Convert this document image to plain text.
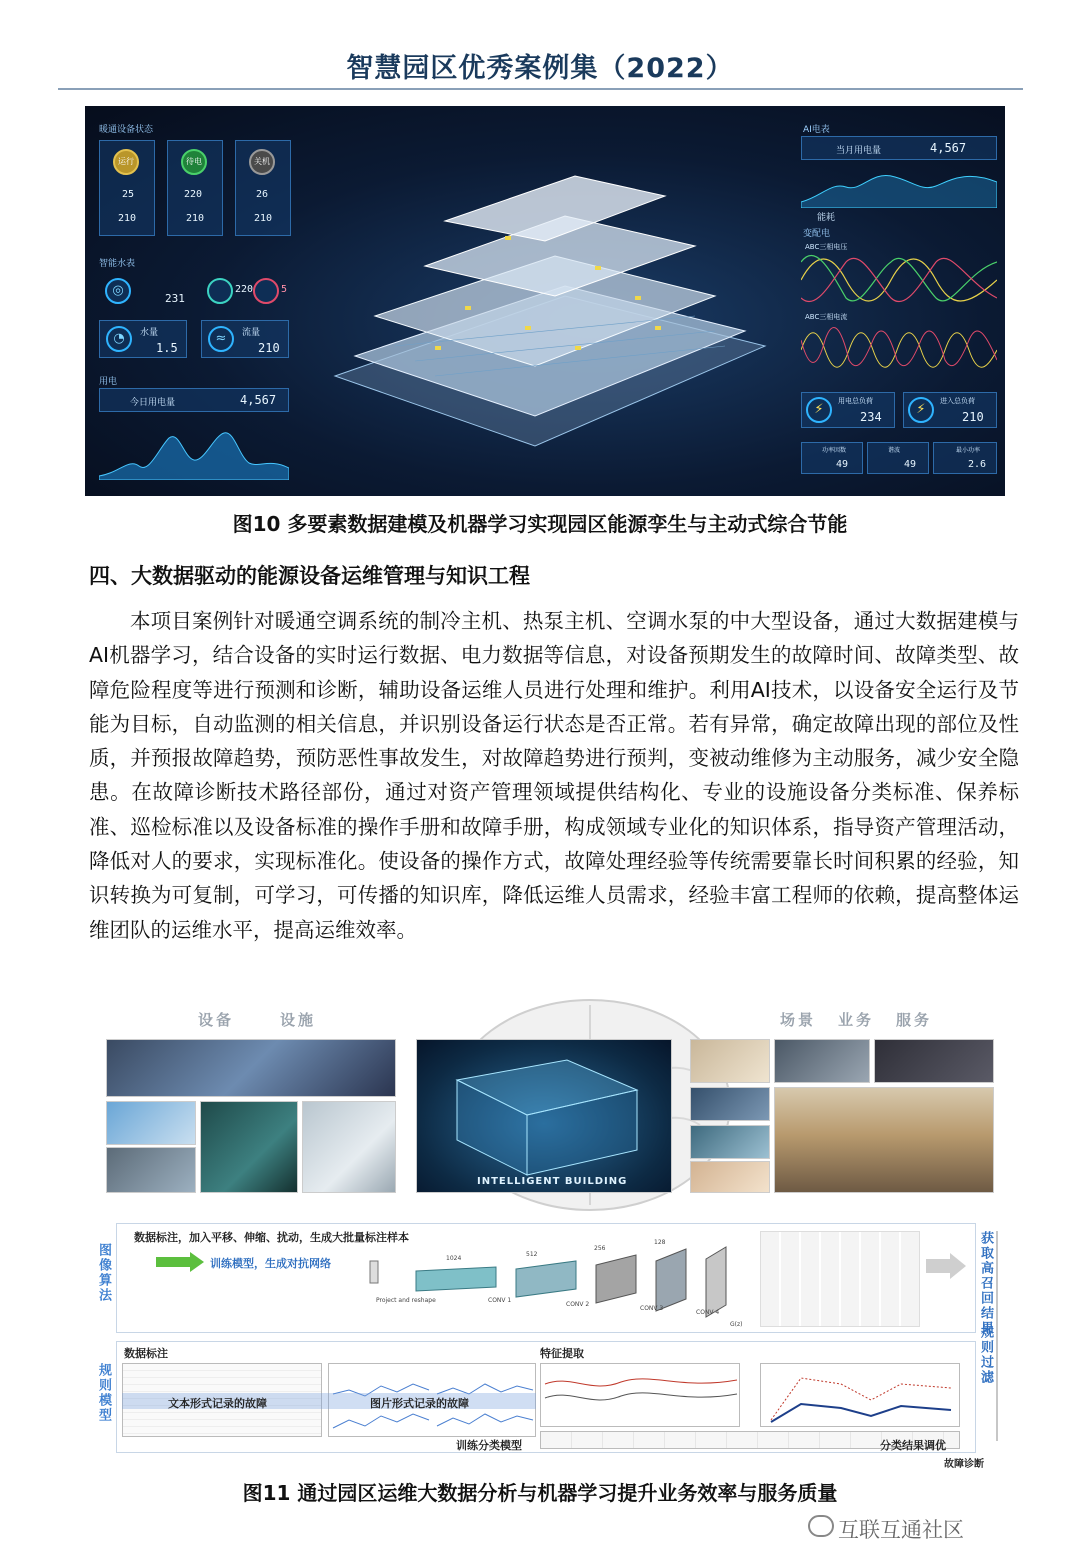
智慧园区优秀案例集（2022）
暖通设备状态
运行
25
210
待电
220
210
关机
26
210
智能水表
◎
231
220	5
◔	水量
1.5
≈	流量
210
用电
今日用电量	4,567
AI电表
当月用电量	4,567
能耗
变配电
ABC三相电压
ABC三相电流
⚡
用电总负荷
234	⚡
进入总负荷
210
功率因数
49
谐波
49
最小功率
2.6
图10 多要素数据建模及机器学习实现园区能源孪生与主动式综合节能
四、大数据驱动的能源设备运维管理与知识工程
本项目案例针对暖通空调系统的制冷主机、热泵主机、空调水泵的中大型设备，通过大数据建模与AI机器学习，结合设备的实时运行数据、电力数据等信息，对设备预期发生的故障时间、故障类型、故障危险程度等进行预测和诊断，辅助设备运维人员进行处理和维护。利用AI技术，以设备安全运行及节能为目标，自动监测的相关信息，并识别设备运行状态是否正常。若有异常，确定故障出现的部位及性质，并预报故障趋势，预防恶性事故发生，对故障趋势进行预判，变被动维修为主动服务，减少安全隐患。在故障诊断技术路径部份，通过对资产管理领域提供结构化、专业的设施设备分类标准、保养标准、巡检标准以及设备标准的操作手册和故障手册，构成领域专业化的知识体系，指导资产管理活动，降低对人的要求，实现标准化。使设备的操作方式，故障处理经验等传统需要靠长时间积累的经验，知识转换为可复制，可学习，可传播的知识库，降低运维人员需求，经验丰富工程师的依赖，提高整体运维团队的运维水平，提高运维效率。
设备	设施	场景 业务 服务
INTELLIGENT BUILDING
图像算法
数据标注，加入平移、伸缩、扰动，生成大批量标注样本
训练模型，生成对抗网络
Project and reshape	CONV 1
CONV 2
CONV 3
CONV 4
G(z)
1024
512
256
128	获取高召回结果
规则过滤
规则模型
数据标注	特征提取
文本形式记录的故障	图片形式记录的故障
训练分类模型	分类结果调优
故障诊断
图11 通过园区运维大数据分析与机器学习提升业务效率与服务质量
互联互通社区
